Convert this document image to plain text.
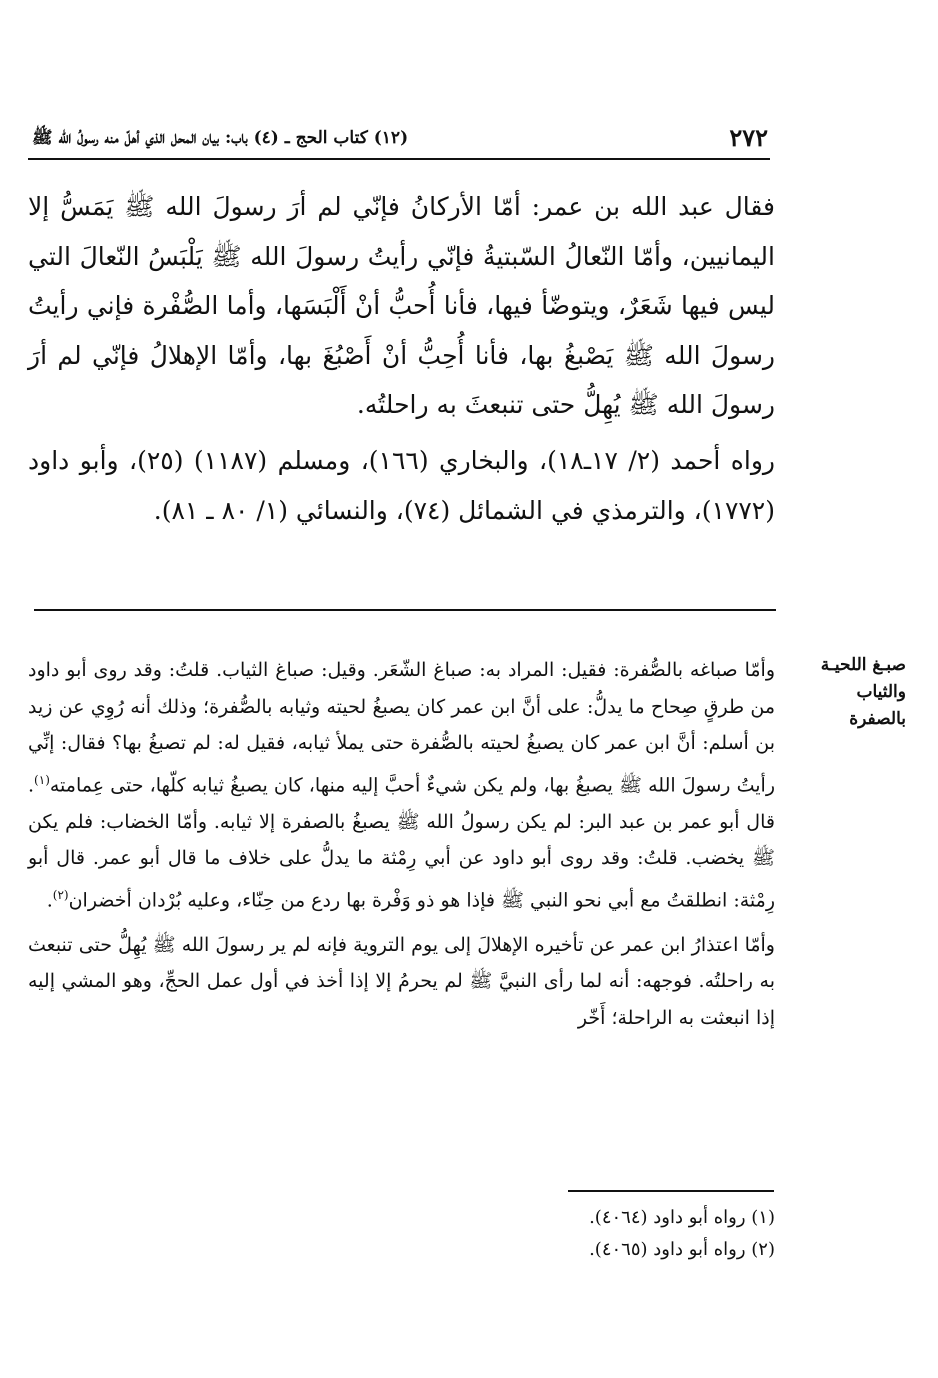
٢٧٢
(١٢) كتاب الحج ـ (٤) باب: بيان المحل الذي أهلّ منه رسولُ الله ﷺ

فقال عبد الله بن عمر: أمّا الأركانُ فإنّي لم أرَ رسولَ الله ﷺ يَمَسُّ إلا اليمانيين، وأمّا النّعالُ السّبتيةُ فإنّي رأيتُ رسولَ الله ﷺ يَلْبَسُ النّعالَ التي ليس فيها شَعَرٌ، ويتوضّأ فيها، فأنا أُحبُّ أنْ أَلْبَسَها، وأما الصُّفْرة فإني رأيتُ رسولَ الله ﷺ يَصْبغُ بها، فأنا أُحِبُّ أنْ أَصْبُغَ بها، وأمّا الإهلالُ فإنّي لم أرَ رسولَ الله ﷺ يُهِلُّ حتى تنبعثَ به راحلتُه.

رواه أحمد (٢/ ١٧ـ١٨)، والبخاري (١٦٦)، ومسلم (١١٨٧) (٢٥)، وأبو داود (١٧٧٢)، والترمذي في الشمائل (٧٤)، والنسائي (١/ ٨٠ ـ ٨١).

صبـغ اللحيـة
والثياب
بالصفرة

وأمّا صباغه بالصُّفرة: فقيل: المراد به: صباغ الشّعَر. وقيل: صباغ الثياب. قلتُ: وقد روى أبو داود من طرقٍ صِحاح ما يدلُّ: على أنَّ ابن عمر كان يصبغُ لحيته وثيابه بالصُّفرة؛ وذلك أنه رُوِي عن زيد بن أسلم: أنَّ ابن عمر كان يصبغُ لحيته بالصُّفرة حتى يملأ ثيابه، فقيل له: لم تصبغُ بها؟ فقال: إنِّي رأيتُ رسولَ الله ﷺ يصبغُ بها، ولم يكن شيءٌ أحبَّ إليه منها، كان يصبغُ ثيابه كلّها، حتى عِمامته$^{(١)}$. قال أبو عمر بن عبد البر: لم يكن رسولُ الله ﷺ يصبغُ بالصفرة إلا ثيابه. وأمّا الخضاب: فلم يكن ﷺ يخضب. قلتُ: وقد روى أبو داود عن أبي رِمْثة ما يدلُّ على خلاف ما قال أبو عمر. قال أبو رِمْثة: انطلقتُ مع أبي نحو النبي ﷺ فإذا هو ذو وَفْرة بها ردع من حِنّاء، وعليه بُرْدان أخضران$^{(٢)}$.

وأمّا اعتذارُ ابن عمر عن تأخيره الإهلالَ إلى يوم التروية فإنه لم ير رسولَ الله ﷺ يُهِلُّ حتى تنبعث به راحلتُه. فوجهه: أنه لما رأى النبيَّ ﷺ لم يحرمُ إلا إذا أخذ في أول عمل الحجِّ، وهو المشي إليه إذا انبعثت به الراحلة؛ أَخّر

(١) رواه أبو داود (٤٠٦٤).
(٢) رواه أبو داود (٤٠٦٥).
